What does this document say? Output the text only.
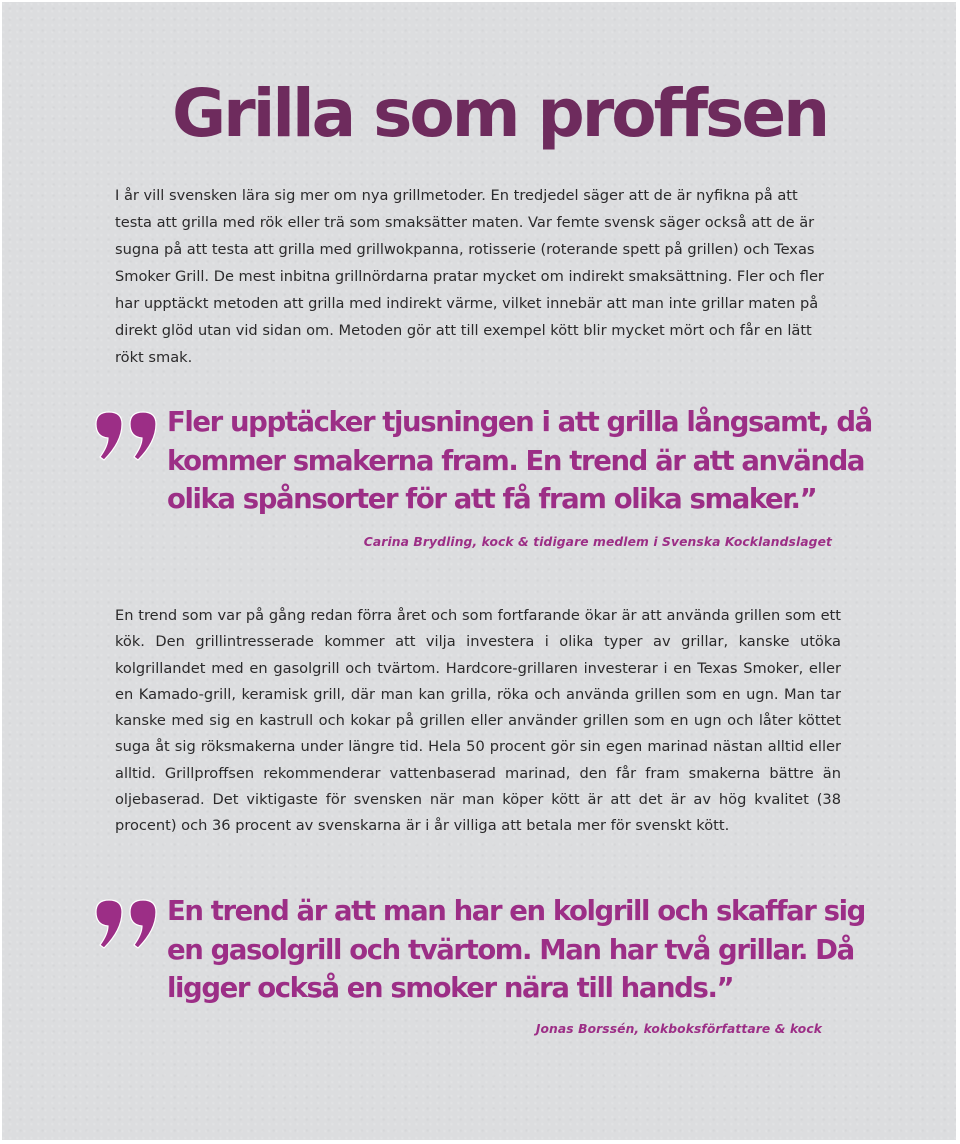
Grilla som proffsen
I år vill svensken lära sig mer om nya grillmetoder. En tredjedel säger att de är nyfikna på att
testa att grilla med rök eller trä som smaksätter maten. Var femte svensk säger också att de är
sugna på att testa att grilla med grillwokpanna, rotisserie (roterande spett på grillen) och Texas
Smoker Grill. De mest inbitna grillnördarna pratar mycket om indirekt smaksättning. Fler och fler
har upptäckt metoden att grilla med indirekt värme, vilket innebär att man inte grillar maten på
direkt glöd utan vid sidan om. Metoden gör att till exempel kött blir mycket mört och får en lätt
rökt smak.
Fler upptäcker tjusningen i att grilla långsamt, då
kommer smakerna fram. En trend är att använda
olika spånsorter för att få fram olika smaker.”

Carina Brydling, kock & tidigare medlem i Svenska Kocklandslaget

En trend som var på gång redan förra året och som fortfarande ökar är att använda grillen som ett kök. Den grillintresserade kommer att vilja investera i olika typer av grillar, kanske utöka kolgrillandet med en gasolgrill och tvärtom. Hardcore-grillaren investerar i en Texas Smoker, eller en Kamado-grill, keramisk grill, där man kan grilla, röka och använda grillen som en ugn. Man tar kanske med sig en kastrull och kokar på grillen eller använder grillen som en ugn och låter köttet suga åt sig röksmakerna under längre tid. Hela 50 procent gör sin egen marinad nästan alltid eller alltid. Grillproffsen rekommenderar vattenbaserad marinad, den får fram smakerna bättre än oljebaserad. Det viktigaste för svensken när man köper kött är att det är av hög kvalitet (38 procent) och 36 procent av svenskarna är i år villiga att betala mer för svenskt kött.

En trend är att man har en kolgrill och skaffar sig
en gasolgrill och tvärtom. Man har två grillar. Då
ligger också en smoker nära till hands.”

Jonas Borssén, kokboksförfattare & kock
